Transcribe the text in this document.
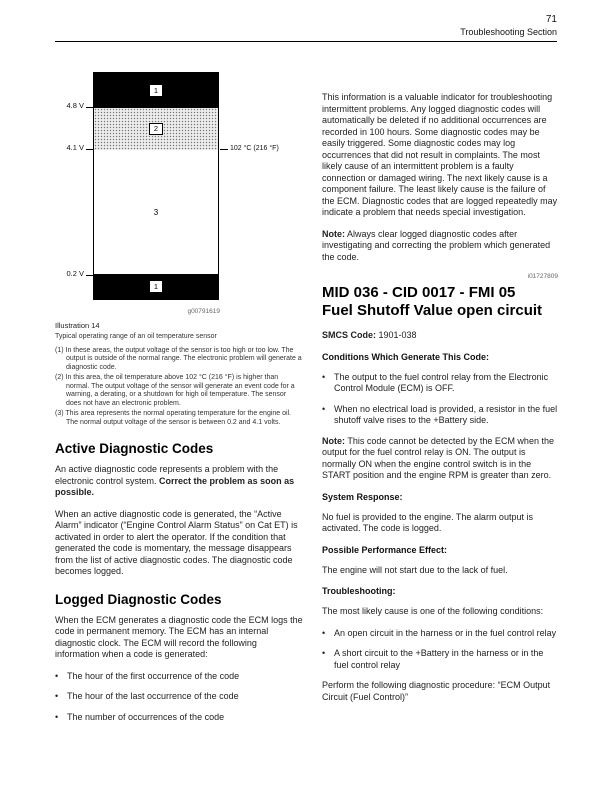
71
Troubleshooting Section
1
2
3
1
4.8 V
4.1 V
0.2 V
102 °C (216 °F)
g00791619
Illustration 14
Typical operating range of an oil temperature sensor
(1) In these areas, the output voltage of the sensor is too high or too low. The output is outside of the normal range. The electronic problem will generate a diagnostic code.
(2) In this area, the oil temperature above 102 °C (216 °F) is higher than normal. The output voltage of the sensor will generate an event code for a warning, a derating, or a shutdown for high oil temperature. The sensor does not have an electronic problem.
(3) This area represents the normal operating temperature for the engine oil. The normal output voltage of the sensor is between 0.2 and 4.1 volts.
Active Diagnostic Codes

An active diagnostic code represents a problem with the electronic control system. Correct the problem as soon as possible.

When an active diagnostic code is generated, the “Active Alarm” indicator (“Engine Control Alarm Status” on Cat ET) is activated in order to alert the operator. If the condition that generated the code is momentary, the message disappears from the list of active diagnostic codes. The diagnostic code becomes logged.

Logged Diagnostic Codes

When the ECM generates a diagnostic code the ECM logs the code in permanent memory. The ECM has an internal diagnostic clock. The ECM will record the following information when a code is generated:

• The hour of the first occurrence of the code
• The hour of the last occurrence of the code
• The number of occurrences of the code

This information is a valuable indicator for troubleshooting intermittent problems. Any logged diagnostic codes will automatically be deleted if no additional occurrences are recorded in 100 hours. Some diagnostic codes may be easily triggered. Some diagnostic codes may log occurrences that did not result in complaints. The most likely cause of an intermittent problem is a faulty connection or damaged wiring. The next likely cause is a component failure. The least likely cause is the failure of the ECM. Diagnostic codes that are logged repeatedly may indicate a problem that needs special investigation.

Note: Always clear logged diagnostic codes after investigating and correcting the problem which generated the code.

i01727809
MID 036 - CID 0017 - FMI 05
Fuel Shutoff Value open circuit

SMCS Code: 1901-038

Conditions Which Generate This Code:
• The output to the fuel control relay from the Electronic Control Module (ECM) is OFF.
• When no electrical load is provided, a resistor in the fuel shutoff valve rises to the +Battery side.

Note: This code cannot be detected by the ECM when the output for the fuel control relay is ON. The output is normally ON when the engine control switch is in the START position and the engine RPM is greater than zero.

System Response:

No fuel is provided to the engine. The alarm output is activated. The code is logged.

Possible Performance Effect:

The engine will not start due to the lack of fuel.

Troubleshooting:

The most likely cause is one of the following conditions:

• An open circuit in the harness or in the fuel control relay
• A short circuit to the +Battery in the harness or in the fuel control relay

Perform the following diagnostic procedure: “ECM Output Circuit (Fuel Control)”
